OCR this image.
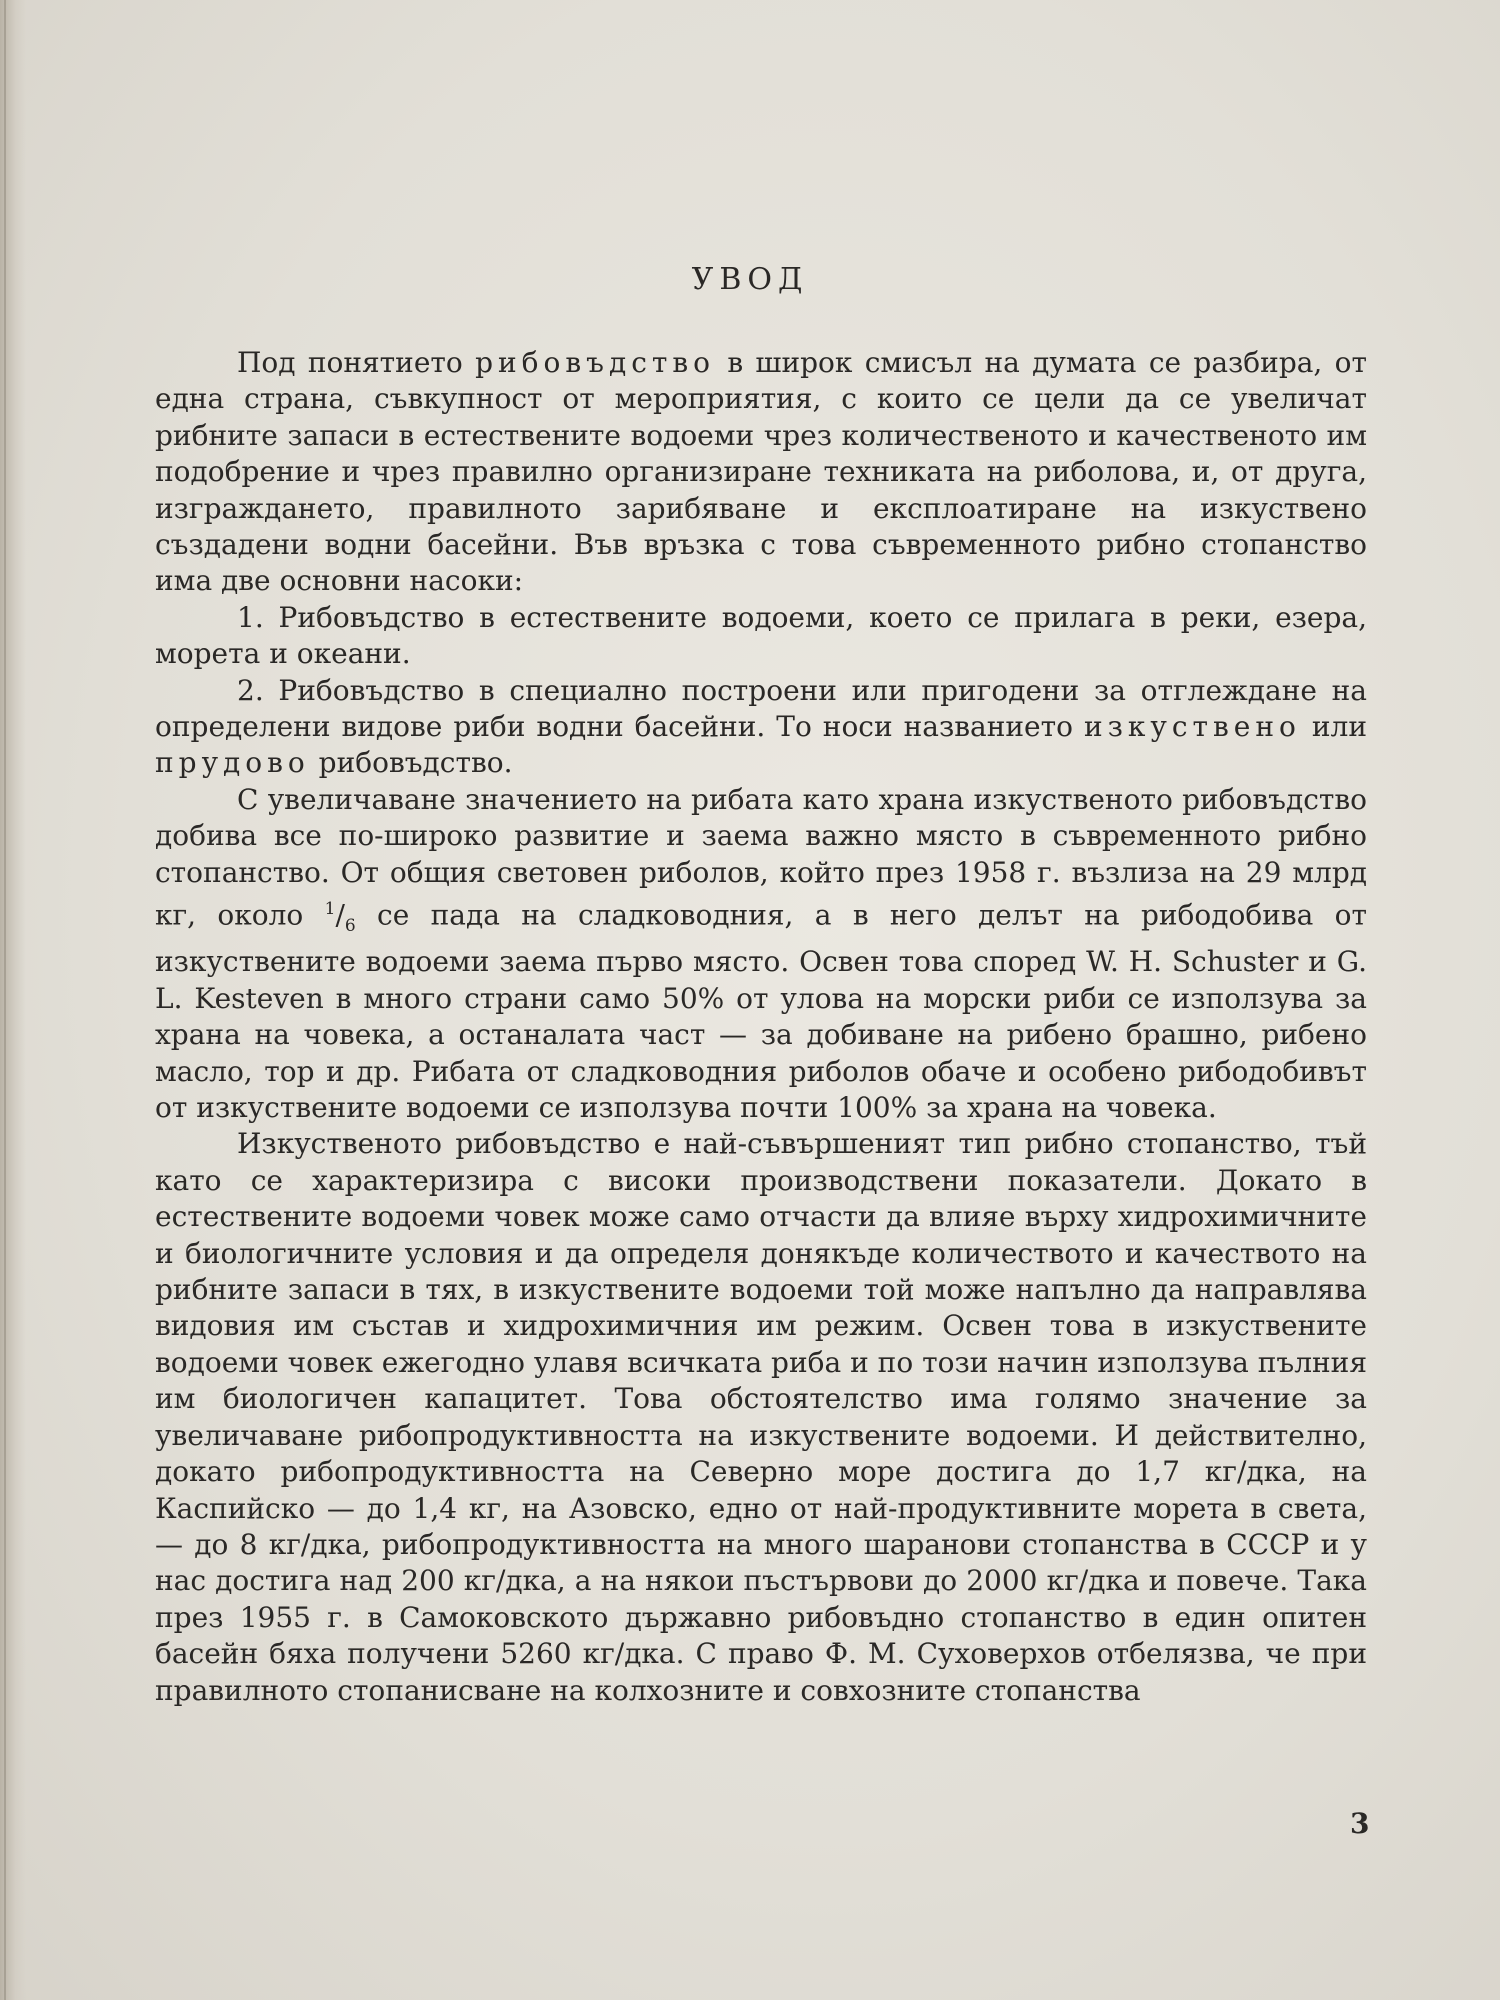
УВОД

Под понятието рибовъдство в широк смисъл на думата се разбира, от една страна, съвкупност от мероприятия, с които се цели да се увеличат рибните запаси в естествените водоеми чрез количественото и качественото им подобрение и чрез правилно организиране техниката на риболова, и, от друга, изграждането, правилното зарибяване и експлоатиране на изкуствено създадени водни басейни. Във връзка с това съвременното рибно стопанство има две основни насоки:

1. Рибовъдство в естествените водоеми, което се прилага в реки, езера, морета и океани.

2. Рибовъдство в специално построени или пригодени за отглеждане на определени видове риби водни басейни. То носи названието изкуствено или прудово рибовъдство.

С увеличаване значението на рибата като храна изкуственото рибовъдство добива все по-широко развитие и заема важно място в съвременното рибно стопанство. От общия световен риболов, който през 1958 г. възлиза на 29 млрд кг, около $^1/_6$ се пада на сладководния, а в него делът на рибодобива от изкуствените водоеми заема първо място. Освен това според W. H. Schuster и G. L. Kesteven в много страни само 50% от улова на морски риби се използува за храна на човека, а останалата част — за добиване на рибено брашно, рибено масло, тор и др. Рибата от сладководния риболов обаче и особено рибодобивът от изкуствените водоеми се използува почти 100% за храна на човека.

Изкуственото рибовъдство е най-съвършеният тип рибно стопанство, тъй като се характеризира с високи производствени показатели. Докато в естествените водоеми човек може само отчасти да влияе върху хидрохимичните и биологичните условия и да определя донякъде количеството и качеството на рибните запаси в тях, в изкуствените водоеми той може напълно да направлява видовия им състав и хидрохимичния им режим. Освен това в изкуствените водоеми човек ежегодно улавя всичката риба и по този начин използува пълния им биологичен капацитет. Това обстоятелство има голямо значение за увеличаване рибопродуктивността на изкуствените водоеми. И действително, докато рибопродуктивността на Северно море достига до 1,7 кг/дка, на Каспийско — до 1,4 кг, на Азовско, едно от най-продуктивните морета в света, — до 8 кг/дка, рибопродуктивността на много шаранови стопанства в СССР и у нас достига над 200 кг/дка, а на някои пъстървови до 2000 кг/дка и повече. Така през 1955 г. в Самоковското държавно рибовъдно стопанство в един опитен басейн бяха получени 5260 кг/дка. С право Ф. М. Суховерхов отбелязва, че при правилното стопанисване на колхозните и совхозните стопанства

3
